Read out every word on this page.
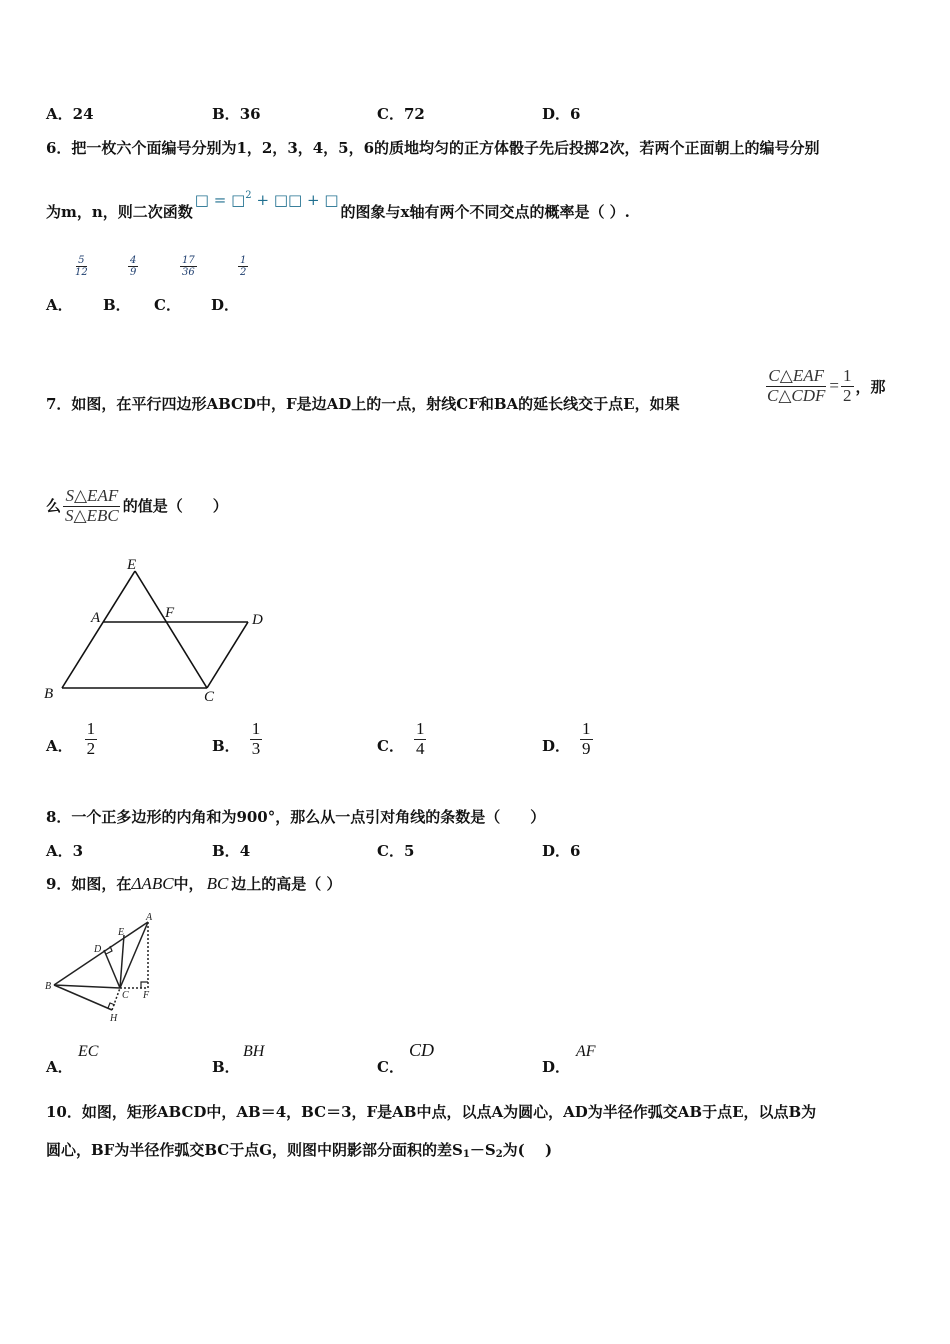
A．24	B．36	C．72	D．6
6．把一枚六个面编号分别为1，2，3，4，5，6的质地均匀的正方体骰子先后投掷2次，若两个正面朝上的编号分别
为m，n，则二次函数□ = □$^2$ + □□ + □的图象与x轴有两个不同交点的概率是（ ）.
$\frac{5}{12}$	$\frac{4}{9}$	$\frac{17}{36}$	$\frac{1}{2}$
A． B． C． D．
7．如图，在平行四边形ABCD中，F是边AD上的一点，射线CF和BA的延长线交于点E，如果	$\frac{\text{C△EAF}}{\text{C△CDF}} = \frac{1}{2}$ ，那
么 $\frac{\text{S△EAF}}{\text{S△EBC}}$ 的值是（　　）
E
A	F	D
B	C
A． $\frac{1}{2}$	B． $\frac{1}{3}$	C． $\frac{1}{4}$	D． $\frac{1}{9}$
8．一个正多边形的内角和为900°，那么从一点引对角线的条数是（　　）
A．3	B．4	C．5	D．6
9．如图，在ΔABC中， BC 边上的高是（ ）
A
E
D
B
C F
H
A．
EC
B．
BH
C．
CD
D．
AF
10．如图，矩形ABCD中，AB＝4，BC＝3，F是AB中点，以点A为圆心，AD为半径作弧交AB于点E，以点B为
圆心，BF为半径作弧交BC于点G，则图中阴影部分面积的差$S_1-S_2$为(　 )
